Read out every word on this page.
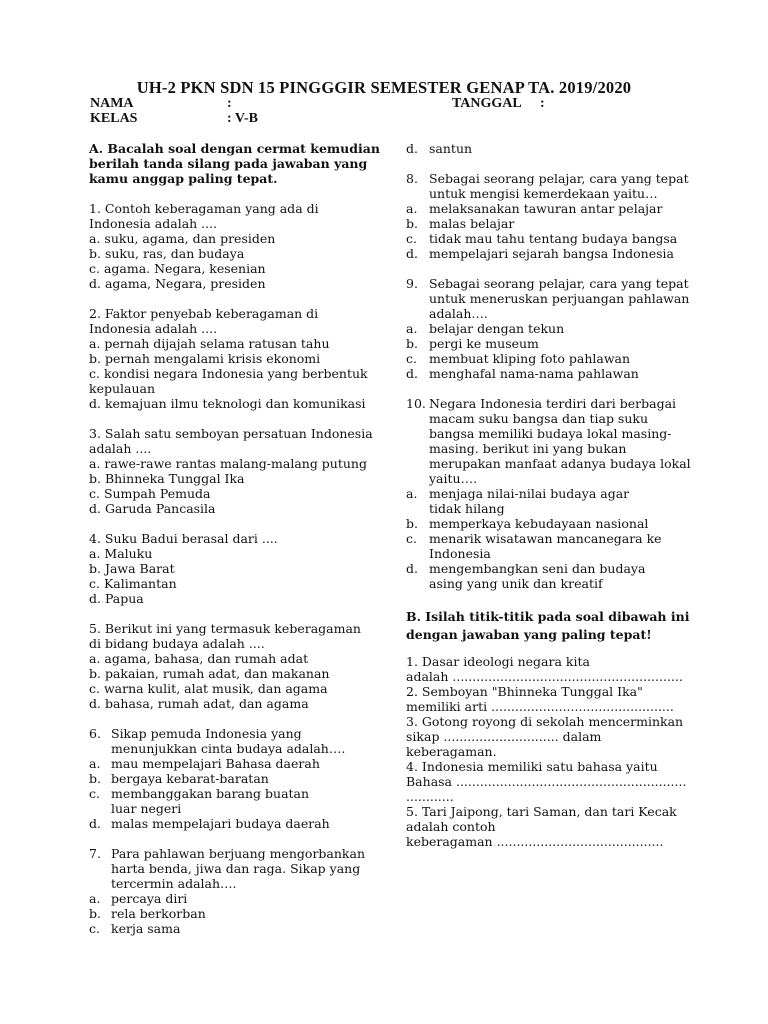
UH-2 PKN SDN 15 PINGGGIR SEMESTER GENAP TA. 2019/2020
NAMA	:	TANGGAL :
KELAS	: V-B
A. Bacalah soal dengan cermat kemudian
berilah tanda silang pada jawaban yang
kamu anggap paling tepat.
1. Contoh keberagaman yang ada di
Indonesia adalah ....
a. suku, agama, dan presiden
b. suku, ras, dan budaya
c. agama. Negara, kesenian
d. agama, Negara, presiden
2. Faktor penyebab keberagaman di
Indonesia adalah ....
a. pernah dijajah selama ratusan tahu
b. pernah mengalami krisis ekonomi
c. kondisi negara Indonesia yang berbentuk
kepulauan
d. kemajuan ilmu teknologi dan komunikasi
3. Salah satu semboyan persatuan Indonesia
adalah ....
a. rawe-rawe rantas malang-malang putung
b. Bhinneka Tunggal Ika
c. Sumpah Pemuda
d. Garuda Pancasila
4. Suku Badui berasal dari ....
a. Maluku
b. Jawa Barat
c. Kalimantan
d. Papua
5. Berikut ini yang termasuk keberagaman
di bidang budaya adalah ....
a. agama, bahasa, dan rumah adat
b. pakaian, rumah adat, dan makanan
c. warna kulit, alat musik, dan agama
d. bahasa, rumah adat, dan agama
6. Sikap pemuda Indonesia yang
menunjukkan cinta budaya adalah….
a. mau mempelajari Bahasa daerah
b. bergaya kebarat-baratan
c. membanggakan barang buatan luar negeri
d. malas mempelajari budaya daerah
7. Para pahlawan berjuang mengorbankan
harta benda, jiwa dan raga. Sikap yang
tercermin adalah….
a. percaya diri
b. rela berkorban
c. kerja sama
d. santun
8. Sebagai seorang pelajar, cara yang tepat
untuk mengisi kemerdekaan yaitu…
a. melaksanakan tawuran antar pelajar
b. malas belajar
c. tidak mau tahu tentang budaya bangsa
d. mempelajari sejarah bangsa Indonesia
9. Sebagai seorang pelajar, cara yang tepat
untuk meneruskan perjuangan pahlawan
adalah….
a. belajar dengan tekun
b. pergi ke museum
c. membuat kliping foto pahlawan
d. menghafal nama-nama pahlawan
10. Negara Indonesia terdiri dari berbagai
macam suku bangsa dan tiap suku
bangsa memiliki budaya lokal masing-
masing. berikut ini yang bukan
merupakan manfaat adanya budaya lokal
yaitu….
a. menjaga nilai-nilai budaya agar tidak hilang
b. memperkaya kebudayaan nasional
c. menarik wisatawan mancanegara ke Indonesia
d. mengembangkan seni dan budaya asing yang unik dan kreatif
B. Isilah titik-titik pada soal dibawah ini
dengan jawaban yang paling tepat!
1. Dasar ideologi negara kita
adalah ..........................................................
2. Semboyan "Bhinneka Tunggal Ika"
memiliki arti ..............................................
3. Gotong royong di sekolah mencerminkan
sikap ............................. dalam
keberagaman.
4. Indonesia memiliki satu bahasa yaitu
Bahasa ..........................................................
............
5. Tari Jaipong, tari Saman, dan tari Kecak
adalah contoh
keberagaman ..........................................
